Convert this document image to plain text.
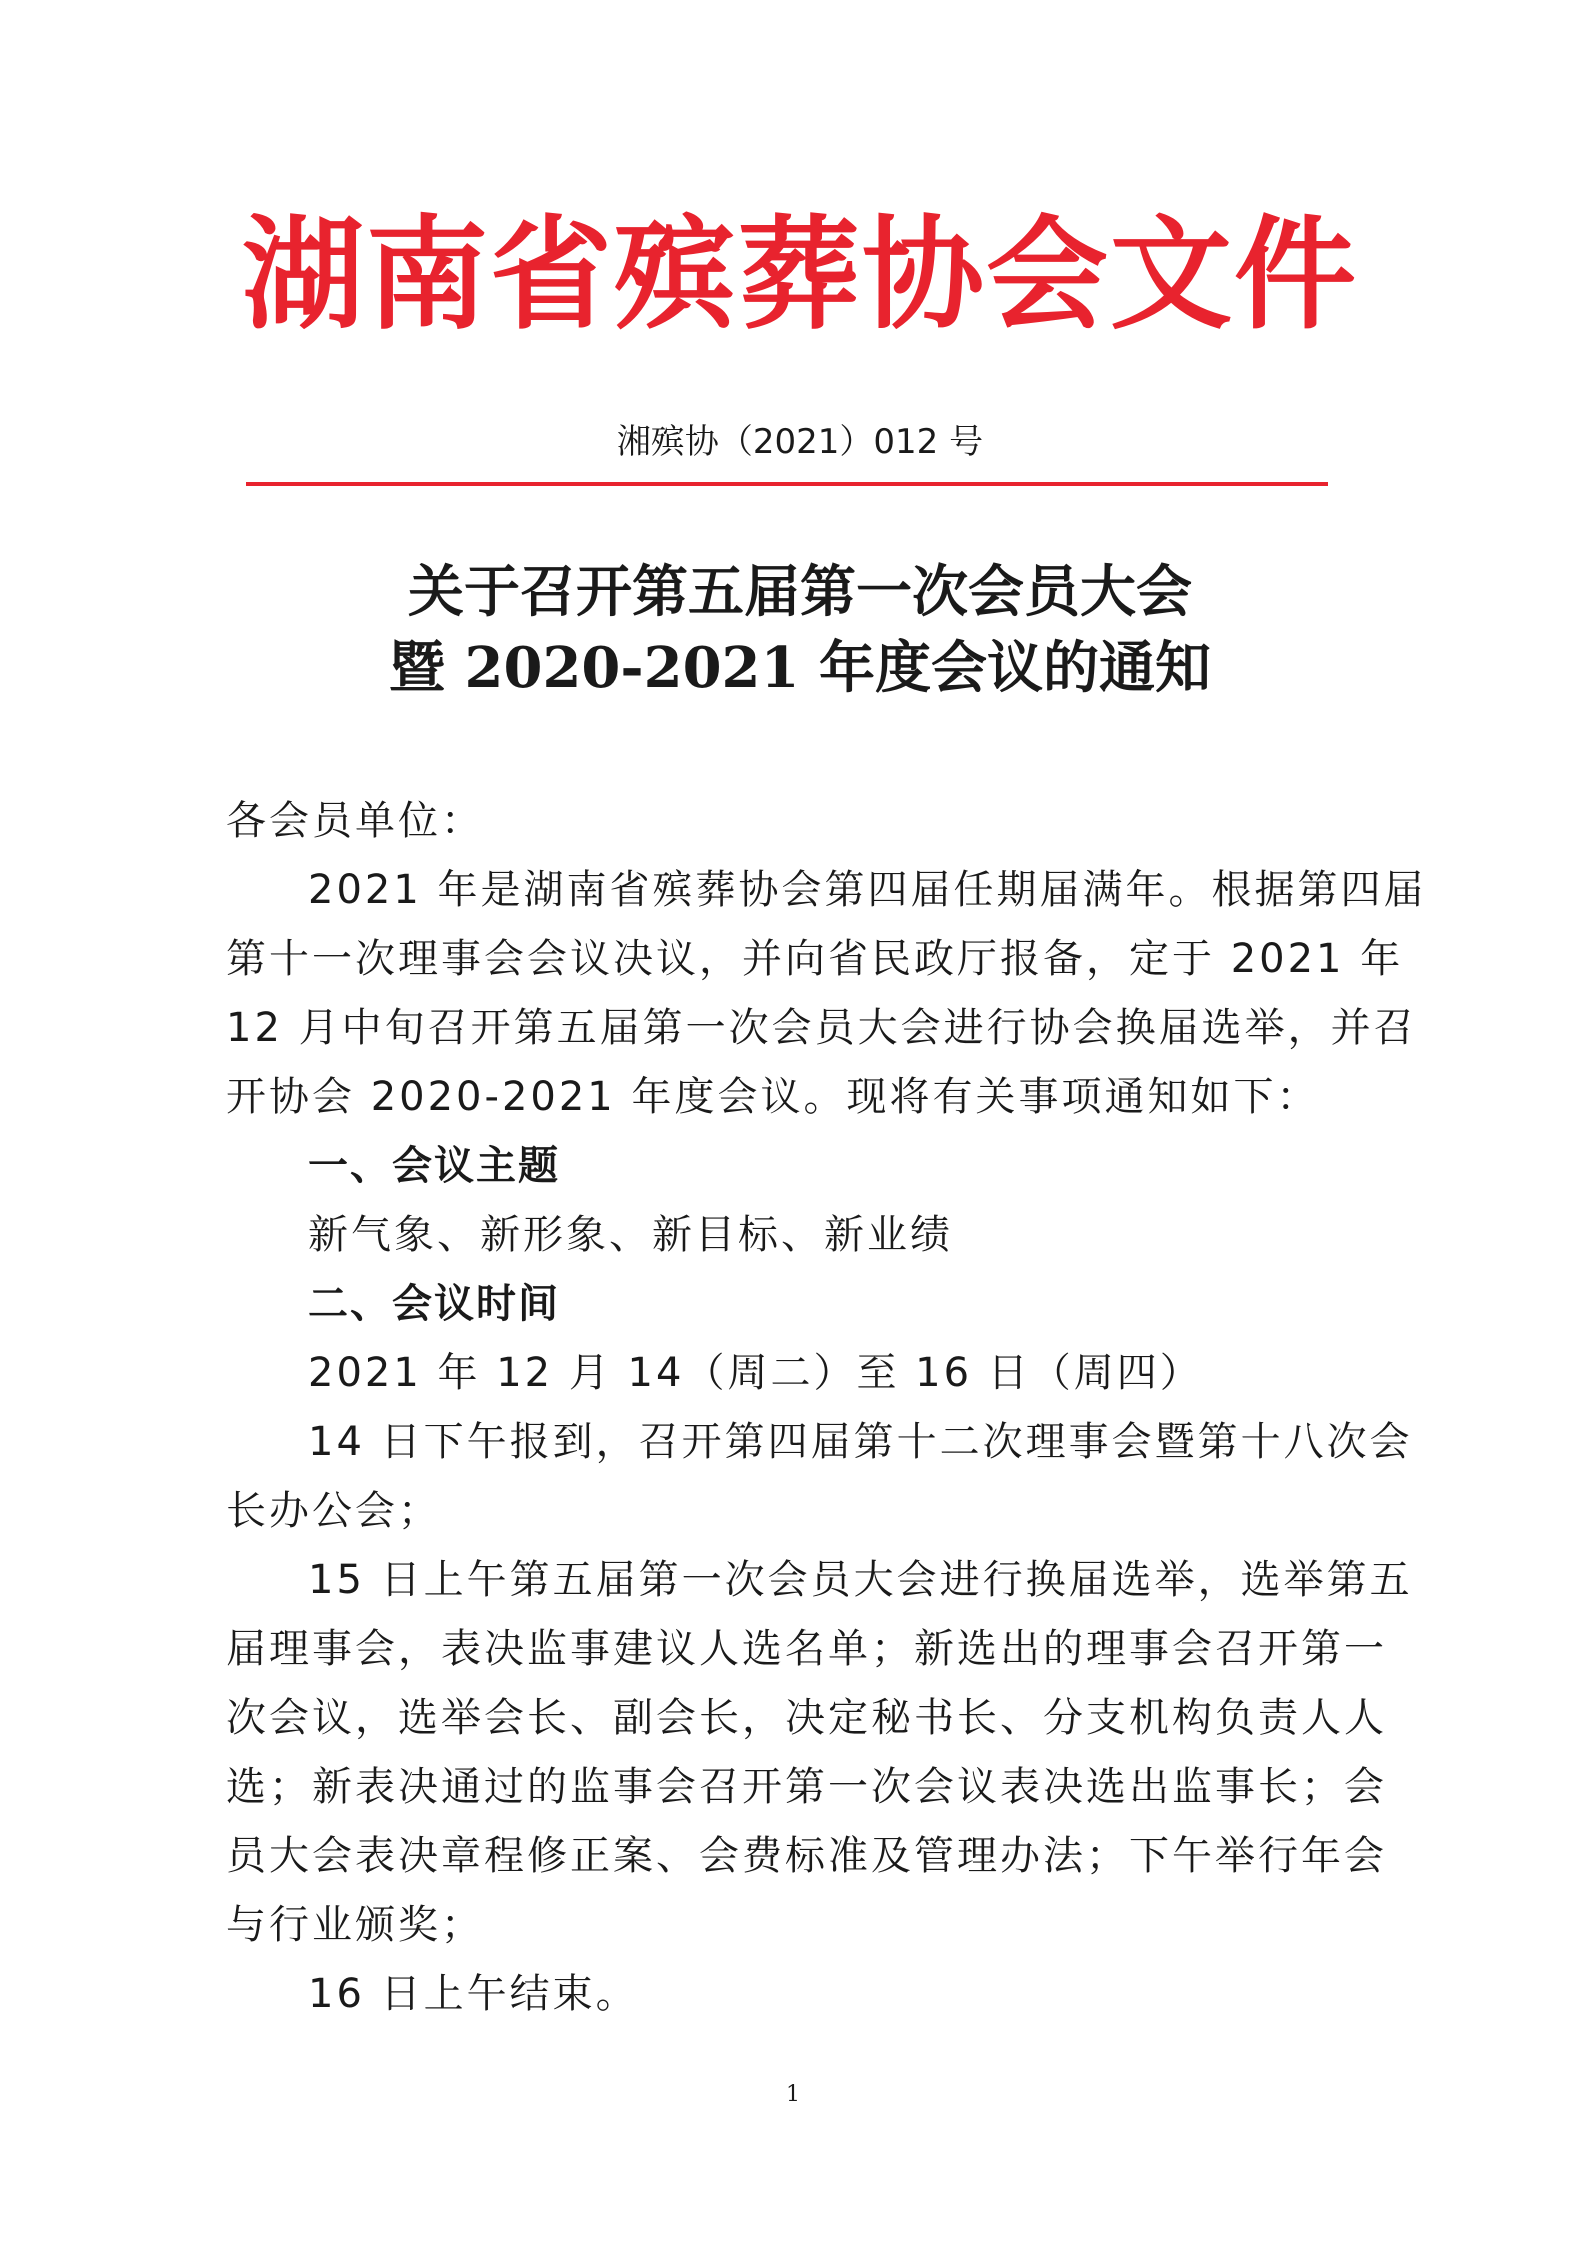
湖南省殡葬协会文件
湘殡协（2021）012 号
关于召开第五届第一次会员大会
暨 2020-2021 年度会议的通知
各会员单位：
2021 年是湖南省殡葬协会第四届任期届满年。根据第四届
第十一次理事会会议决议，并向省民政厅报备，定于 2021 年
12 月中旬召开第五届第一次会员大会进行协会换届选举，并召
开协会 2020-2021 年度会议。现将有关事项通知如下：
一、会议主题
新气象、新形象、新目标、新业绩
二、会议时间
2021 年 12 月 14（周二）至 16 日（周四）
14 日下午报到，召开第四届第十二次理事会暨第十八次会
长办公会；
15 日上午第五届第一次会员大会进行换届选举，选举第五
届理事会，表决监事建议人选名单；新选出的理事会召开第一
次会议，选举会长、副会长，决定秘书长、分支机构负责人人
选；新表决通过的监事会召开第一次会议表决选出监事长；会
员大会表决章程修正案、会费标准及管理办法；下午举行年会
与行业颁奖；
16 日上午结束。
1
